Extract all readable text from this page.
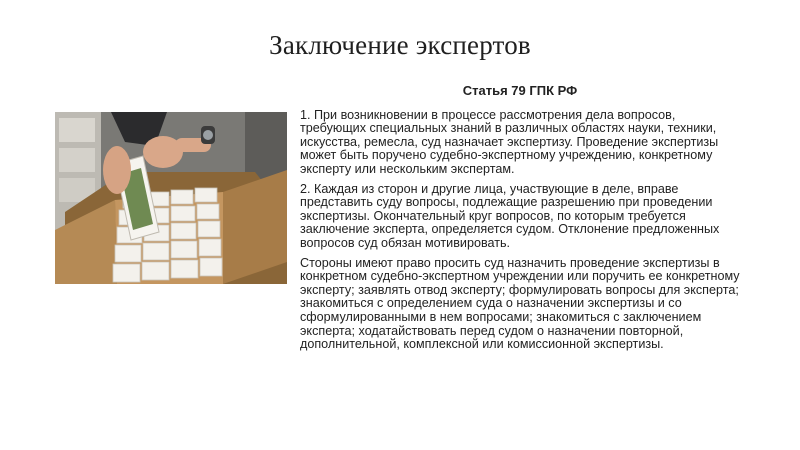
Заключение экспертов
Статья 79 ГПК РФ

1. При возникновении в процессе рассмотрения дела вопросов, требующих специальных знаний в различных областях науки, техники, искусства, ремесла, суд назначает экспертизу. Проведение экспертизы может быть поручено судебно-экспертному учреждению, конкретному эксперту или нескольким экспертам.

2. Каждая из сторон и другие лица, участвующие в деле, вправе представить суду вопросы, подлежащие разрешению при проведении экспертизы. Окончательный круг вопросов, по которым требуется заключение эксперта, определяется судом. Отклонение предложенных вопросов суд обязан мотивировать.

Стороны имеют право просить суд назначить проведение экспертизы в конкретном судебно-экспертном учреждении или поручить ее конкретному эксперту; заявлять отвод эксперту; формулировать вопросы для эксперта; знакомиться с определением суда о назначении экспертизы и со сформулированными в нем вопросами; знакомиться с заключением эксперта; ходатайствовать перед судом о назначении повторной, дополнительной, комплексной или комиссионной экспертизы.
